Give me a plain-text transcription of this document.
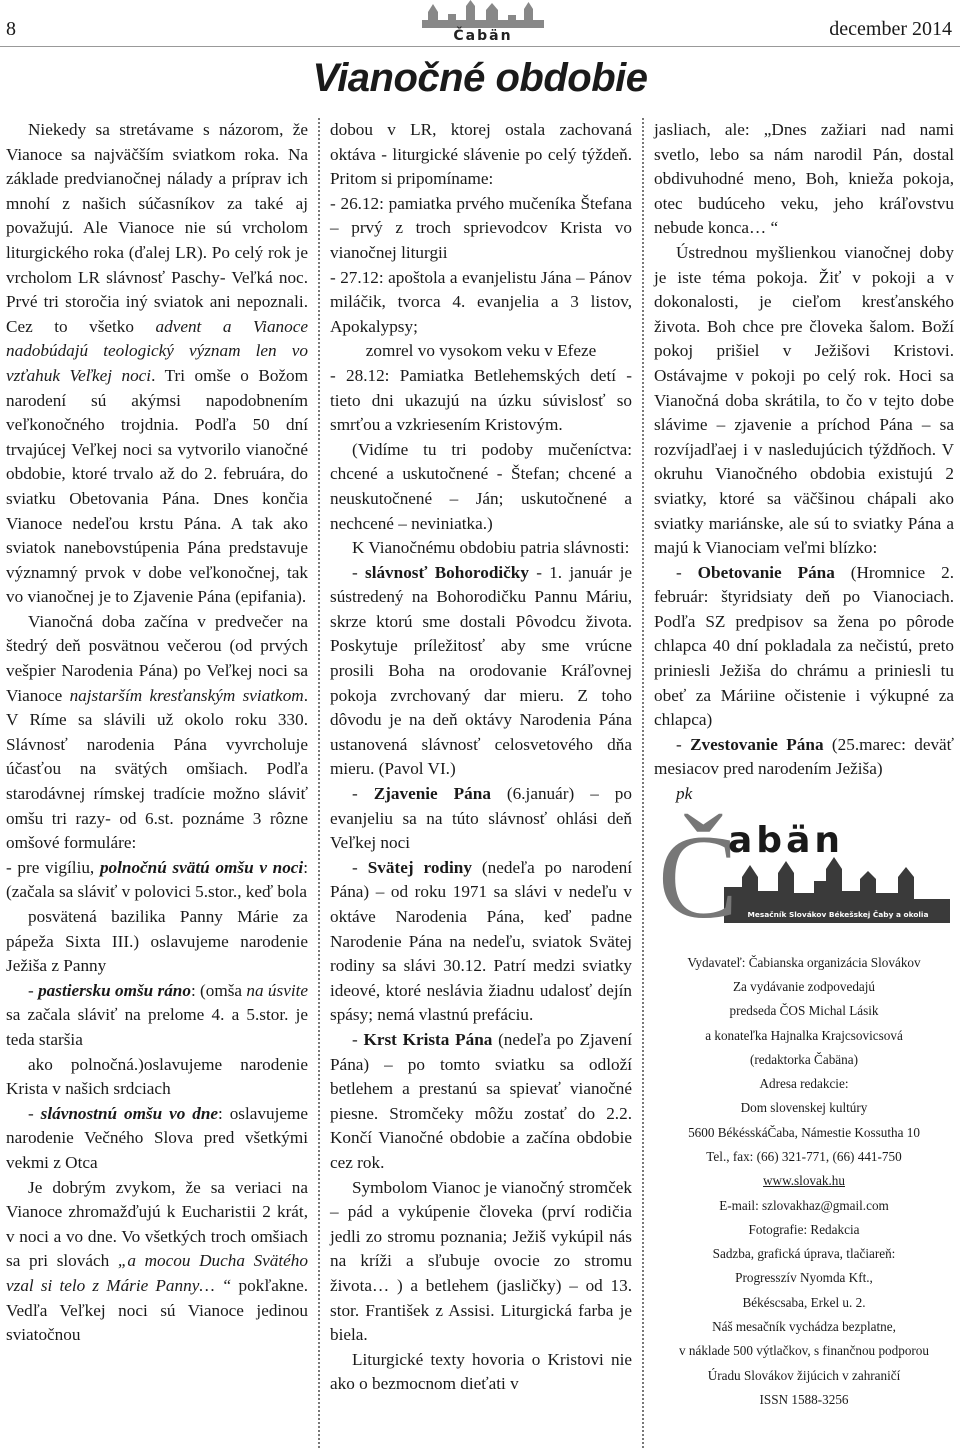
8	Čabän	december 2014
Vianočné obdobie

Niekedy sa stretávame s názorom, že Vianoce sa najväčším sviatkom roka. Na základe predvianočnej nálady a príprav ich mnohí z našich súčasníkov za také aj považujú. Ale Vianoce nie sú vrcholom liturgického roka (ďalej LR). Po celý rok je vrcholom LR slávnosť Paschy- Veľká noc. Prvé tri storočia iný sviatok ani nepoznali. Cez to všetko advent a Vianoce nadobúdajú teologický význam len vo vzťahuk Veľkej noci. Tri omše o Božom narodení sú akýmsi napodobnením veľkonočného trojdnia. Podľa 50 dní trvajúcej Veľkej noci sa vytvorilo vianočné obdobie, ktoré trvalo až do 2. februára, do sviatku Obetovania Pána. Dnes končia Vianoce nedeľou krstu Pána. A tak ako sviatok nanebovstúpenia Pána predstavuje významný prvok v dobe veľkonočnej, tak vo vianočnej je to Zjavenie Pána (epifania).

Vianočná doba začína v predvečer na štedrý deň posvätnou večerou (od prvých vešpier Narodenia Pána) po Veľkej noci sa Vianoce najstarším kresťanským sviatkom. V Ríme sa slávili už okolo roku 330. Slávnosť narodenia Pána vyvrcholuje účasťou na svätých omšiach. Podľa starodávnej rímskej tradície možno sláviť omšu tri razy- od 6.st. poznáme 3 rôzne omšové formuláre:

- pre vigíliu, polnočnú svätú omšu v noci: (začala sa sláviť v polovici 5.stor., keď bola

posvätená bazilika Panny Márie za pápeža Sixta III.) oslavujeme narodenie Ježiša z Panny

- pastiersku omšu ráno: (omša na úsvite sa začala sláviť na prelome 4. a 5.stor. je teda staršia

ako polnočná.)oslavujeme narodenie Krista v našich srdciach

- slávnostnú omšu vo dne: oslavujeme narodenie Večného Slova pred všetkými vekmi z Otca

Je dobrým zvykom, že sa veriaci na Vianoce zhromažďujú k Eucharistii 2 krát, v noci a vo dne. Vo všetkých troch omšiach sa pri slovách „a mocou Ducha Svätého vzal si telo z Márie Panny… “ pokľakne. Vedľa Veľkej noci sú Vianoce jedinou sviatočnou

dobou v LR, ktorej ostala zachovaná oktáva - liturgické slávenie po celý týždeň. Pritom si pripomíname:

- 26.12: pamiatka prvého mučeníka Štefana – prvý z troch sprievodcov Krista vo vianočnej liturgii

- 27.12: apoštola a evanjelistu Jána – Pánov miláčik, tvorca 4. evanjelia a 3 listov, Apokalypsy;

zomrel vo vysokom veku v Efeze

- 28.12: Pamiatka Betlehemských detí - tieto dni ukazujú na úzku súvislosť so smrťou a vzkriesením Kristovým.

(Vidíme tu tri podoby mučeníctva: chcené a uskutočnené - Štefan; chcené a neuskutočnené – Ján; uskutočnené a nechcené – neviniatka.)

K Vianočnému obdobiu patria slávnosti:

- slávnosť Bohorodičky - 1. január je sústredený na Bohorodičku Pannu Máriu, skrze ktorú sme dostali Pôvodcu života. Poskytuje príležitosť aby sme vrúcne prosili Boha na orodovanie Kráľovnej pokoja zvrchovaný dar mieru. Z toho dôvodu je na deň oktávy Narodenia Pána ustanovená slávnosť celosvetového dňa mieru. (Pavol VI.)

- Zjavenie Pána (6.január) – po evanjeliu sa na túto slávnosť ohlási deň Veľkej noci

- Svätej rodiny (nedeľa po narodení Pána) – od roku 1971 sa slávi v nedeľu v oktáve Narodenia Pána, keď padne Narodenie Pána na nedeľu, sviatok Svätej rodiny sa slávi 30.12. Patrí medzi sviatky ideové, ktoré neslávia žiadnu udalosť dejín spásy; nemá vlastnú prefáciu.

- Krst Krista Pána (nedeľa po Zjavení Pána) – po tomto sviatku sa odloží betlehem a prestanú sa spievať vianočné piesne. Stromčeky môžu zostať do 2.2. Končí Vianočné obdobie a začína obdobie cez rok.

Symbolom Vianoc je vianočný stromček – pád a vykúpenie človeka (prví rodičia jedli zo stromu poznania; Ježiš vykúpil nás na kríži a sľubuje ovocie zo stromu života… ) a betlehem (jasličky) – od 13. stor. František z Assisi. Liturgická farba je biela.

Liturgické texty hovoria o Kristovi nie ako o bezmocnom dieťati v

jasliach, ale: „Dnes zažiari nad nami svetlo, lebo sa nám narodil Pán, dostal obdivuhodné meno, Boh, knieža pokoja, otec budúceho veku, jeho kráľovstvu nebude konca… “

Ústrednou myšlienkou vianočnej doby je iste téma pokoja. Žiť v pokoji a v dokonalosti, je cieľom kresťanského života. Boh chce pre človeka šalom. Boží pokoj prišiel v Ježišovi Kristovi. Ostávajme v pokoji po celý rok. Hoci sa Vianočná doba skrátila, to čo v tejto dobe slávime – zjavenie a príchod Pána – sa rozvíjadľaej i v nasledujúcich týždňoch. V okruhu Vianočného obdobia existujú 2 sviatky, ktoré sa väčšinou chápali ako sviatky mariánske, ale sú to sviatky Pána a majú k Vianociam veľmi blízko:

- Obetovanie Pána (Hromnice 2. február: štyridsiaty deň po Vianociach. Podľa SZ predpisov sa žena po pôrode chlapca 40 dní pokladala za nečistú, preto priniesli Ježiša do chrámu a priniesli tu obeť za Máriine očistenie i výkupné za chlapca)

- Zvestovanie Pána (25.marec: deväť mesiacov pred narodením Ježiša)

pk

Č
abän
Mesačník Slovákov Békešskej Čaby a okolia
Vydavateľ: Čabianska organizácia Slovákov
Za vydávanie zodpovedajú
predseda ČOS Michal Lásik
a konateľka Hajnalka Krajcsovicsová
(redaktorka Čabäna)
Adresa redakcie:
Dom slovenskej kultúry
5600 BékésskáČaba, Námestie Kossutha 10
Tel., fax: (66) 321-771, (66) 441-750
www.slovak.hu
E-mail: szlovakhaz@gmail.com
Fotografie: Redakcia
Sadzba, grafická úprava, tlačiareň:
Progresszív Nyomda Kft.,
Békéscsaba, Erkel u. 2.
Náš mesačník vychádza bezplatne,
v náklade 500 výtlačkov, s finančnou podporou
Úradu Slovákov žijúcich v zahraničí
ISSN 1588-3256
